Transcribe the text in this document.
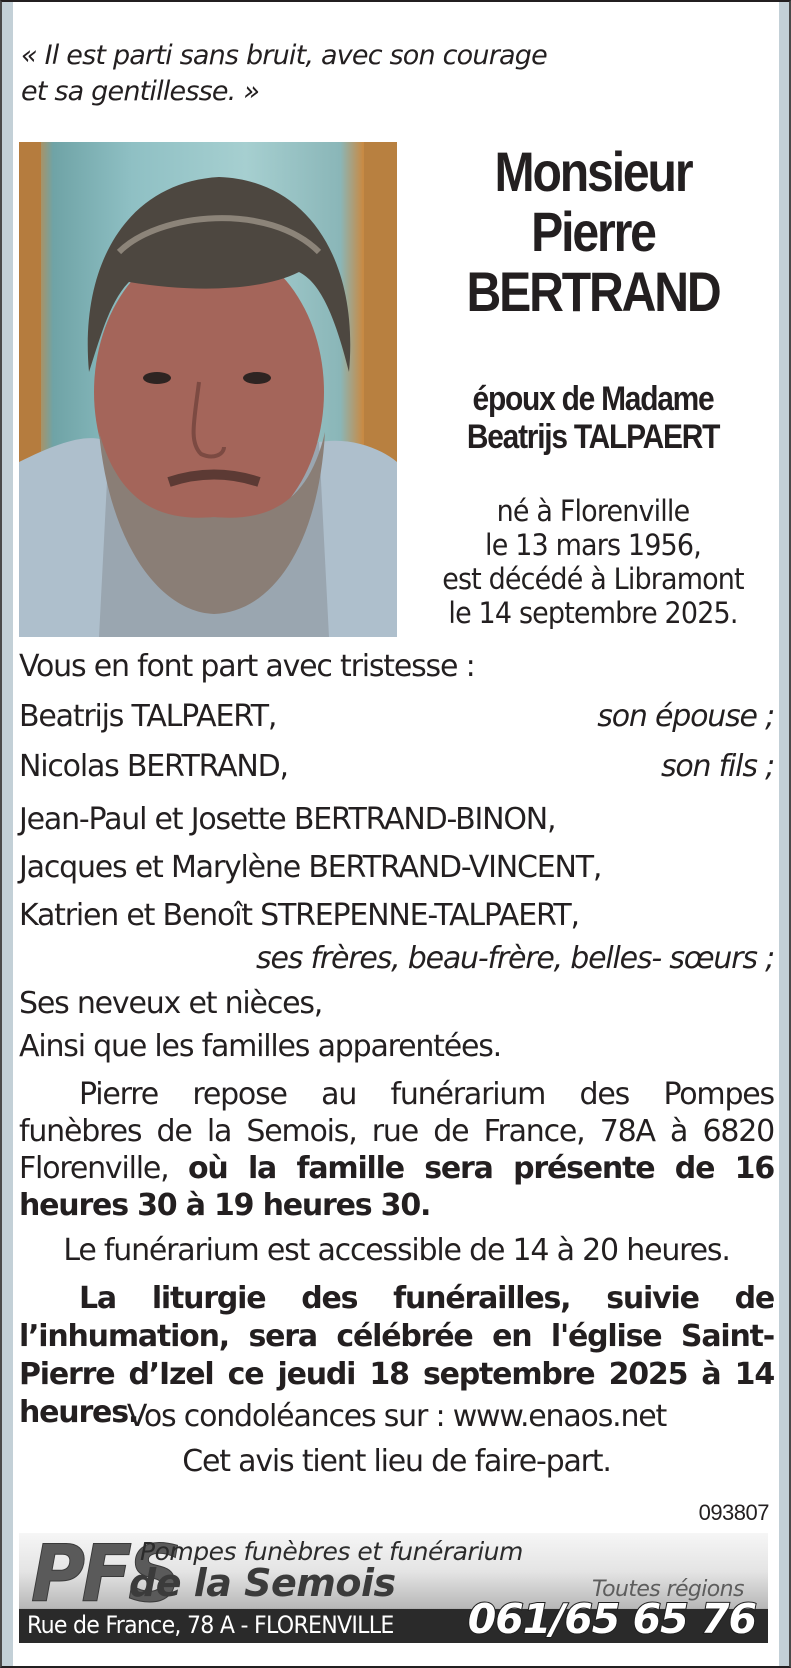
« Il est parti sans bruit, avec son courage
et sa gentillesse. »
Monsieur
Pierre
BERTRAND
époux de Madame
Beatrijs TALPAERT
né à Florenville
le 13 mars 1956,
est décédé à Libramont
le 14 septembre 2025.
Vous en font part avec tristesse :
Beatrijs TALPAERT,	son épouse ;
Nicolas BERTRAND,	son fils ;
Jean-Paul et Josette BERTRAND-BINON,
Jacques et Marylène BERTRAND-VINCENT,
Katrien et Benoît STREPENNE-TALPAERT,
ses frères, beau-frère, belles- sœurs ;
Ses neveux et nièces,
Ainsi que les familles apparentées.
Pierre repose au funérarium des Pompes funèbres de la Semois, rue de France, 78A à 6820 Florenville, où la famille sera présente de 16 heures 30 à 19 heures 30.
Le funérarium est accessible de 14 à 20 heures.
La liturgie des funérailles, suivie de l’inhumation, sera célébrée en l'église Saint-Pierre d’Izel ce jeudi 18 septembre 2025 à 14 heures.
Vos condoléances sur : www.enaos.net
Cet avis tient lieu de faire-part.
093807
PFS
Pompes funèbres et funérarium
de la Semois	Toutes régions
Rue de France, 78 A - FLORENVILLE 061/65 65 76
